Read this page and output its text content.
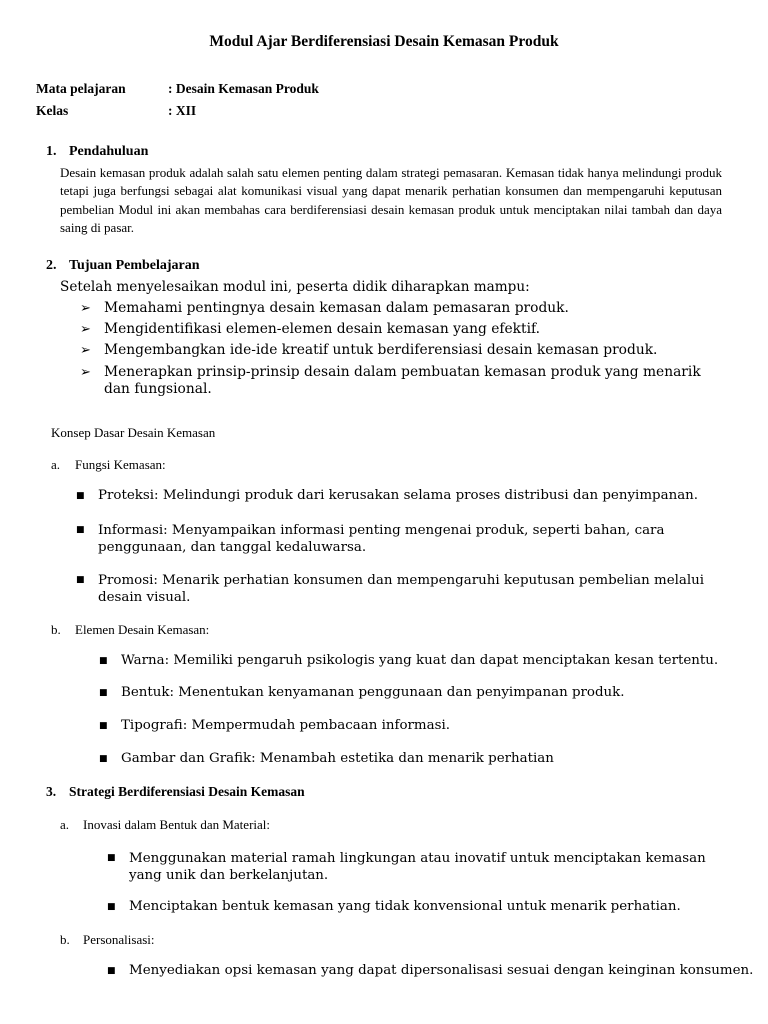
Modul Ajar Berdiferensiasi Desain Kemasan Produk
Mata pelajaran	: Desain Kemasan Produk
Kelas	: XII
1. Pendahuluan

Desain kemasan produk adalah salah satu elemen penting dalam strategi pemasaran. Kemasan tidak hanya melindungi produk tetapi juga berfungsi sebagai alat komunikasi visual yang dapat menarik perhatian konsumen dan mempengaruhi keputusan pembelian Modul ini akan membahas cara berdiferensiasi desain kemasan produk untuk menciptakan nilai tambah dan daya saing di pasar.

2. Tujuan Pembelajaran
Setelah menyelesaikan modul ini, peserta didik diharapkan mampu:
➢ Memahami pentingnya desain kemasan dalam pemasaran produk.
➢ Mengidentifikasi elemen-elemen desain kemasan yang efektif.
➢ Mengembangkan ide-ide kreatif untuk berdiferensiasi desain kemasan produk.
➢ Menerapkan prinsip-prinsip desain dalam pembuatan kemasan produk yang menarik dan fungsional.
Konsep Dasar Desain Kemasan
a. Fungsi Kemasan:
■ Proteksi: Melindungi produk dari kerusakan selama proses distribusi dan penyimpanan.
■ Informasi: Menyampaikan informasi penting mengenai produk, seperti bahan, cara penggunaan, dan tanggal kedaluwarsa.
■ Promosi: Menarik perhatian konsumen dan mempengaruhi keputusan pembelian melalui desain visual.
b. Elemen Desain Kemasan:
■ Warna: Memiliki pengaruh psikologis yang kuat dan dapat menciptakan kesan tertentu.
■ Bentuk: Menentukan kenyamanan penggunaan dan penyimpanan produk.
■ Tipografi: Mempermudah pembacaan informasi.
■ Gambar dan Grafik: Menambah estetika dan menarik perhatian
3. Strategi Berdiferensiasi Desain Kemasan
a. Inovasi dalam Bentuk dan Material:
■ Menggunakan material ramah lingkungan atau inovatif untuk menciptakan kemasan yang unik dan berkelanjutan.
■ Menciptakan bentuk kemasan yang tidak konvensional untuk menarik perhatian.
b. Personalisasi:
■ Menyediakan opsi kemasan yang dapat dipersonalisasi sesuai dengan keinginan konsumen.
